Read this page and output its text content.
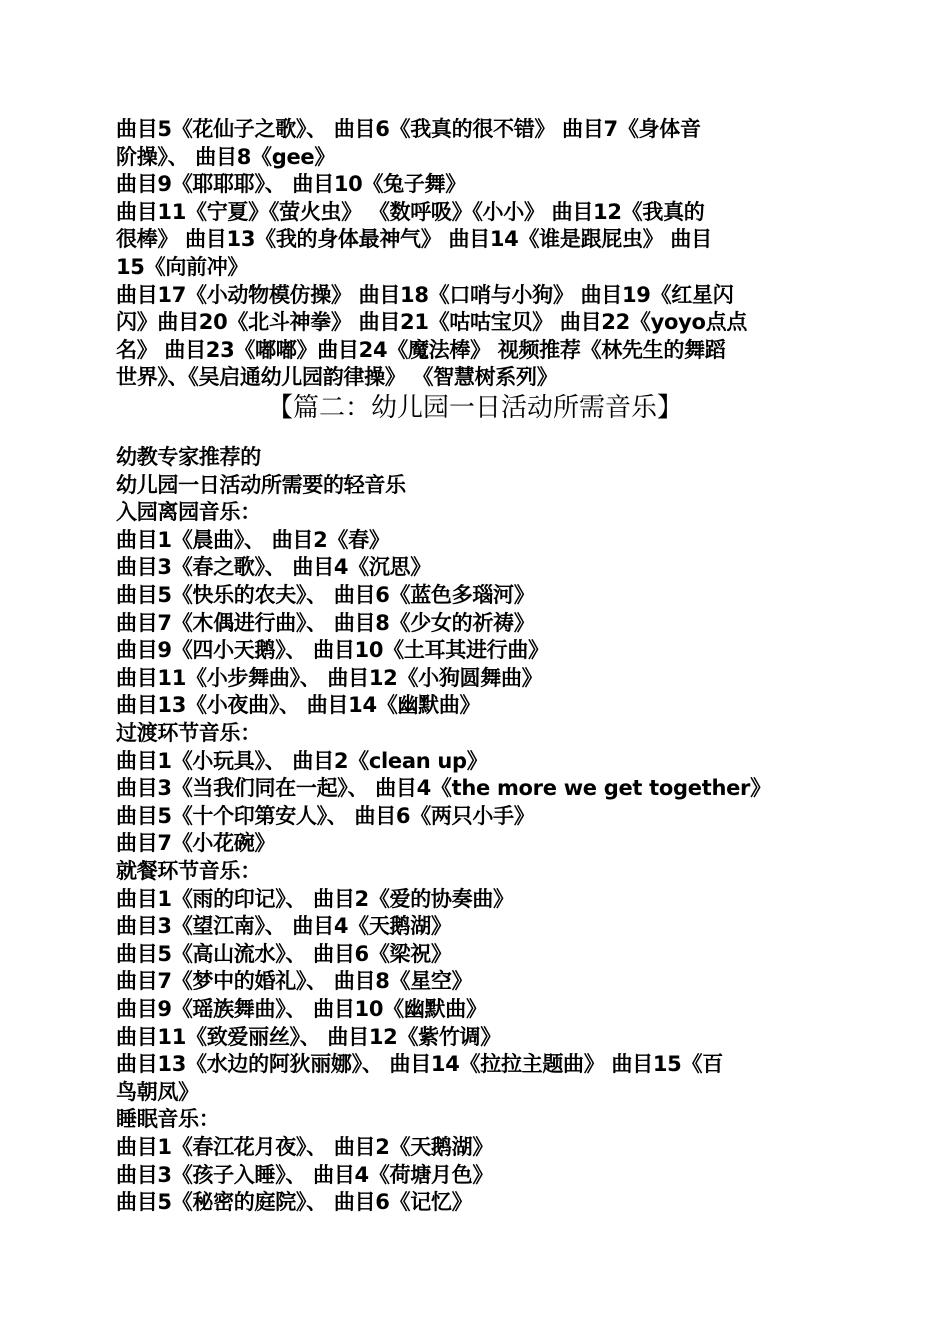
曲目5《花仙子之歌》、 曲目6《我真的很不错》 曲目7《身体音
阶操》、 曲目8《gee》
曲目9《耶耶耶》、 曲目10《兔子舞》
曲目11《宁夏》《萤火虫》 《数呼吸》《小小》 曲目12《我真的
很棒》 曲目13《我的身体最神气》 曲目14《谁是跟屁虫》 曲目
15《向前冲》
曲目17《小动物模仿操》 曲目18《口哨与小狗》 曲目19《红星闪
闪》曲目20《北斗神拳》 曲目21《咕咕宝贝》 曲目22《yoyo点点
名》 曲目23《嘟嘟》曲目24《魔法棒》 视频推荐《林先生的舞蹈
世界》、《吴启通幼儿园韵律操》 《智慧树系列》
【篇二：幼儿园一日活动所需音乐】
幼教专家推荐的
幼儿园一日活动所需要的轻音乐
入园离园音乐：
曲目1《晨曲》、 曲目2《春》
曲目3《春之歌》、 曲目4《沉思》
曲目5《快乐的农夫》、 曲目6《蓝色多瑙河》
曲目7《木偶进行曲》、 曲目8《少女的祈祷》
曲目9《四小天鹅》、 曲目10《土耳其进行曲》
曲目11《小步舞曲》、 曲目12《小狗圆舞曲》
曲目13《小夜曲》、 曲目14《幽默曲》
过渡环节音乐：
曲目1《小玩具》、 曲目2《clean up》
曲目3《当我们同在一起》、 曲目4《the more we get together》
曲目5《十个印第安人》、 曲目6《两只小手》
曲目7《小花碗》
就餐环节音乐：
曲目1《雨的印记》、 曲目2《爱的协奏曲》
曲目3《望江南》、 曲目4《天鹅湖》
曲目5《高山流水》、 曲目6《梁祝》
曲目7《梦中的婚礼》、 曲目8《星空》
曲目9《瑶族舞曲》、 曲目10《幽默曲》
曲目11《致爱丽丝》、 曲目12《紫竹调》
曲目13《水边的阿狄丽娜》、 曲目14《拉拉主题曲》 曲目15《百
鸟朝凤》
睡眠音乐：
曲目1《春江花月夜》、 曲目2《天鹅湖》
曲目3《孩子入睡》、 曲目4《荷塘月色》
曲目5《秘密的庭院》、 曲目6《记忆》
